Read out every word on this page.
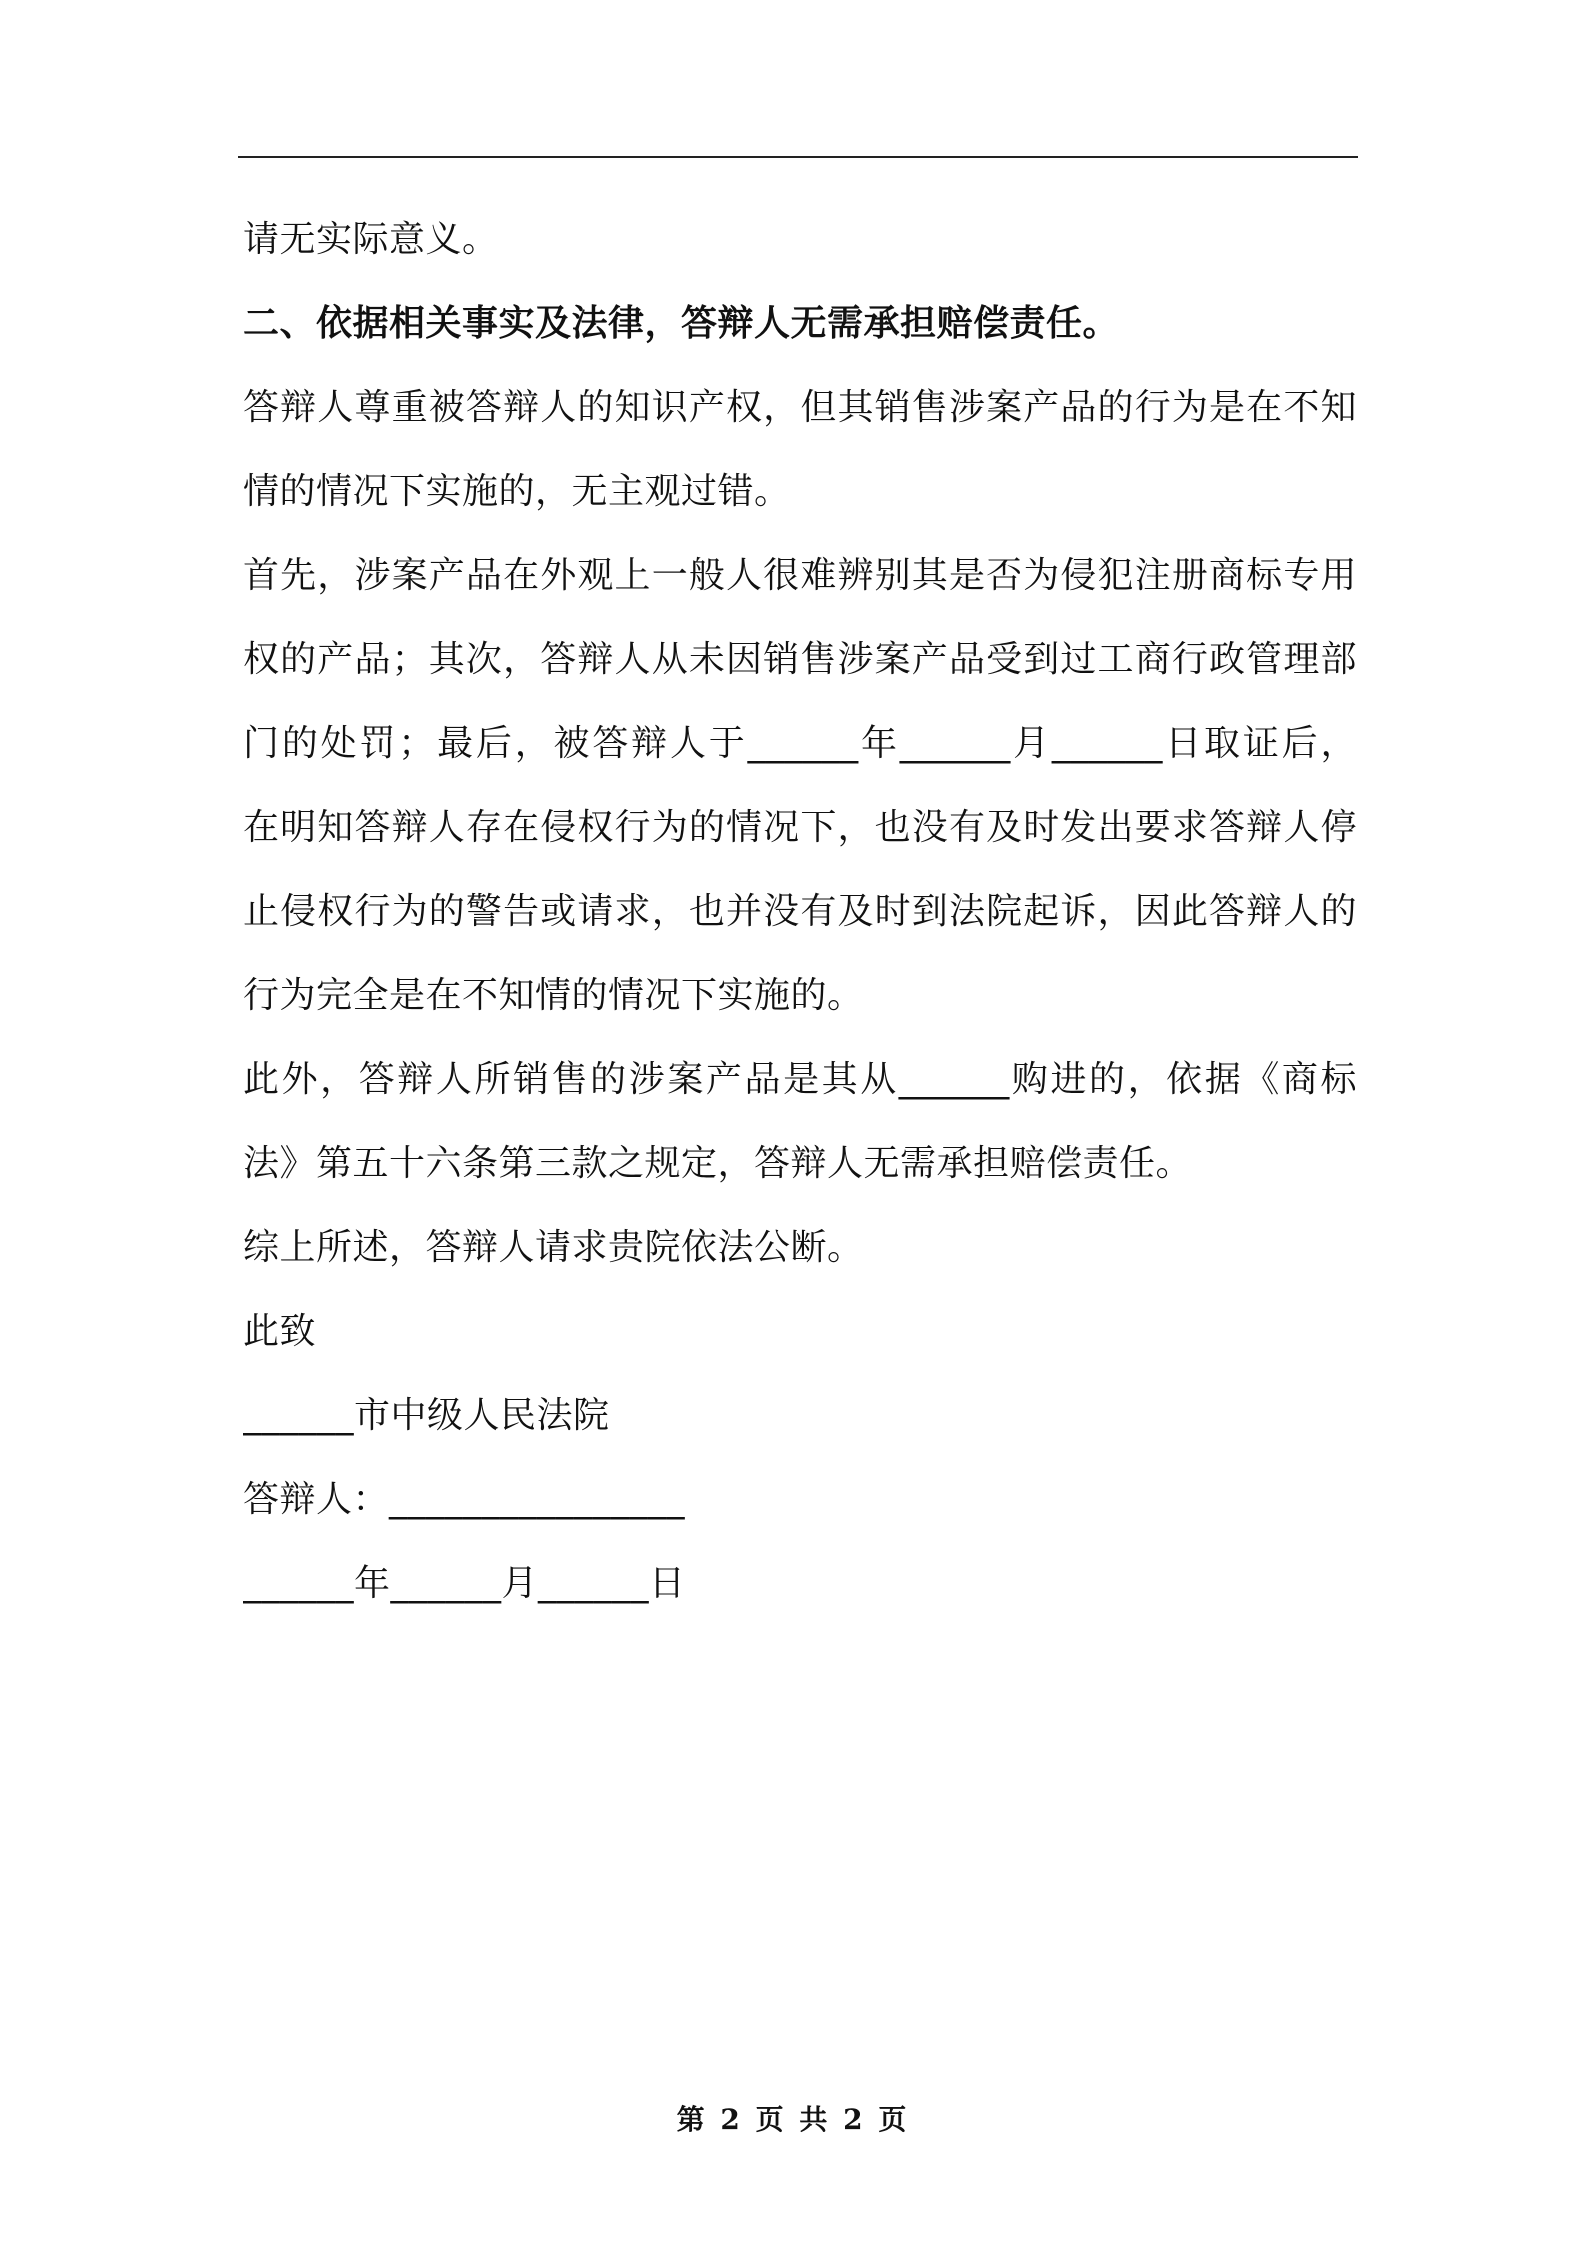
请无实际意义。
二、依据相关事实及法律，答辩人无需承担赔偿责任。
答辩人尊重被答辩人的知识产权，但其销售涉案产品的行为是在不知
情的情况下实施的，无主观过错。
首先，涉案产品在外观上一般人很难辨别其是否为侵犯注册商标专用
权的产品；其次，答辩人从未因销售涉案产品受到过工商行政管理部
门的处罚；最后，被答辩人于______年______月______日取证后，
在明知答辩人存在侵权行为的情况下，也没有及时发出要求答辩人停
止侵权行为的警告或请求，也并没有及时到法院起诉，因此答辩人的
行为完全是在不知情的情况下实施的。
此外，答辩人所销售的涉案产品是其从______购进的，依据《商标
法》第五十六条第三款之规定，答辩人无需承担赔偿责任。
综上所述，答辩人请求贵院依法公断。
此致
______市中级人民法院
答辩人：________________
______年______月______日
第 2 页 共 2 页
